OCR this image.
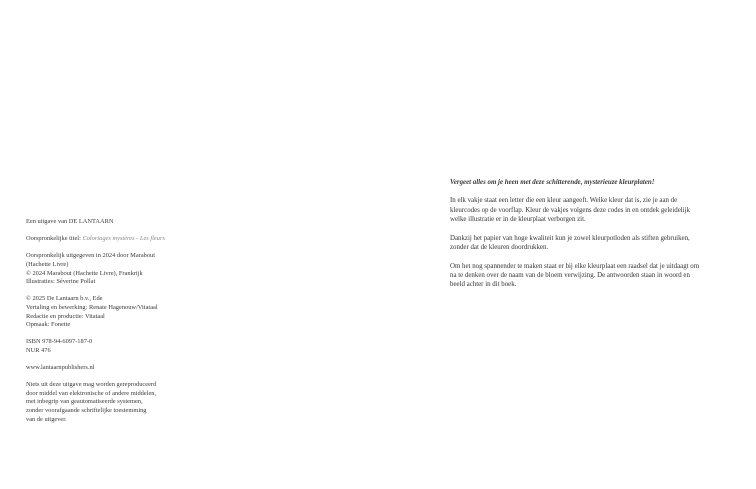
Een uitgave van DE LANTAARN

Oorspronkelijke titel: Coloriages mystères - Les fleurs

Oorspronkelijk uitgegeven in 2024 door Marabout

(Hachette Livre)

© 2024 Marabout (Hachette Livre), Frankrijk

Illustraties: Séverine Pollat

© 2025 De Lantaarn b.v., Ede

Vertaling en bewerking: Renate Hagenouw/Vitataal

Redactie en productie: Vitataal

Opmaak: Fonette

ISBN 978-94-6097-187-0

NUR 476

www.lantaarnpublishers.nl

Niets uit deze uitgave mag worden gereproduceerd

door middel van elektronische of andere middelen,

met inbegrip van geautomatiseerde systemen,

zonder voorafgaande schriftelijke toestemming

van de uitgever.

Vergeet alles om je heen met deze schitterende, mysterieuze kleurplaten!

In elk vakje staat een letter die een kleur aangeeft. Welke kleur dat is, zie je aan de kleurcodes op de voorflap. Kleur de vakjes volgens deze codes in en ontdek geleidelijk welke illustratie er in de kleurplaat verborgen zit.

Dankzij het papier van hoge kwaliteit kun je zowel kleurpotloden als stiften gebruiken, zonder dat de kleuren doordrukken.

Om het nog spannender te maken staat er bij elke kleurplaat een raadsel dat je uitdaagt om na te denken over de naam van de bloem verwijzing. De antwoorden staan in woord en beeld achter in dit boek.
